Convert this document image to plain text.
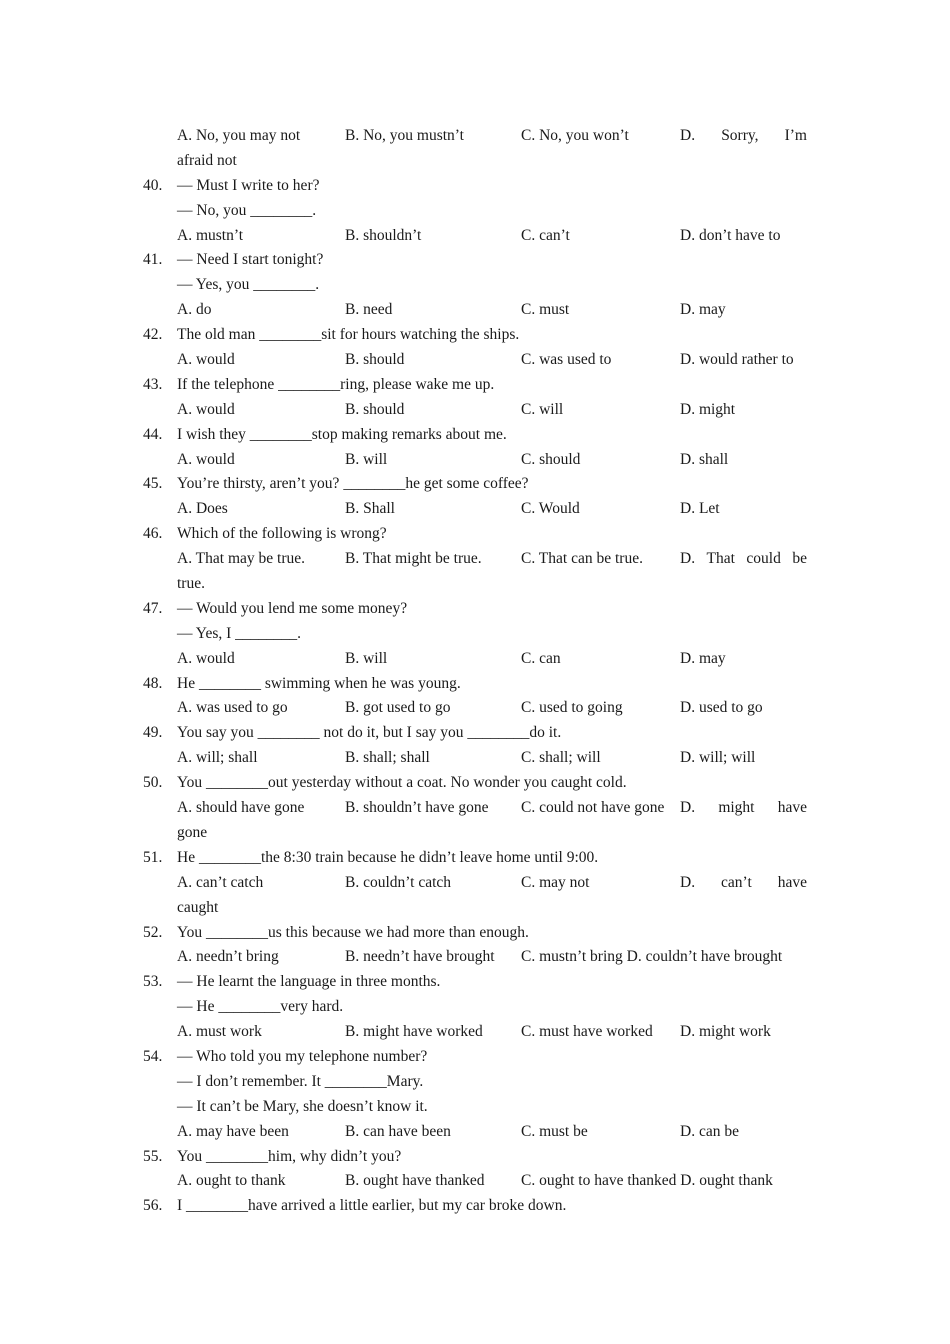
A. No, you may not	B. No, you mustn’t	C. No, you won’t	D. Sorry, I’m
afraid not
40. — Must I write to her?
— No, you ________.
A. mustn’t	B. shouldn’t	C. can’t	D. don’t have to
41. — Need I start tonight?
— Yes, you ________.
A. do	B. need	C. must	D. may
42. The old man ________sit for hours watching the ships.
A. would	B. should	C. was used to	D. would rather to
43. If the telephone ________ring, please wake me up.
A. would	B. should	C. will	D. might
44. I wish they ________stop making remarks about me.
A. would	B. will	C. should	D. shall
45. You’re thirsty, aren’t you? ________he get some coffee?
A. Does	B. Shall	C. Would	D. Let
46. Which of the following is wrong?
A. That may be true.	B. That might be true.	C. That can be true. D. That could be
true.
47. — Would you lend me some money?
— Yes, I ________.
A. would	B. will	C. can	D. may
48. He ________ swimming when he was young.
A. was used to go	B. got used to go	C. used to going	D. used to go
49. You say you ________ not do it, but I say you ________do it.
A. will; shall	B. shall; shall	C. shall; will	D. will; will
50. You ________out yesterday without a coat. No wonder you caught cold.
A. should have gone	B. shouldn’t have gone C. could not have gone D. might have
gone
51. He ________the 8:30 train because he didn’t leave home until 9:00.
A. can’t catch	B. couldn’t catch	C. may not	D. can’t have
caught
52. You ________us this because we had more than enough.
A. needn’t bring	B. needn’t have brought C. mustn’t bring D. couldn’t have brought
53. — He learnt the language in three months.
— He ________very hard.
A. must work	B. might have worked C. must have worked D. might work
54. — Who told you my telephone number?
— I don’t remember. It ________Mary.
— It can’t be Mary, she doesn’t know it.
A. may have been	B. can have been	C. must be	D. can be
55. You ________him, why didn’t you?
A. ought to thank	B. ought have thanked C. ought to have thanked D. ought thank
56. I ________have arrived a little earlier, but my car broke down.
